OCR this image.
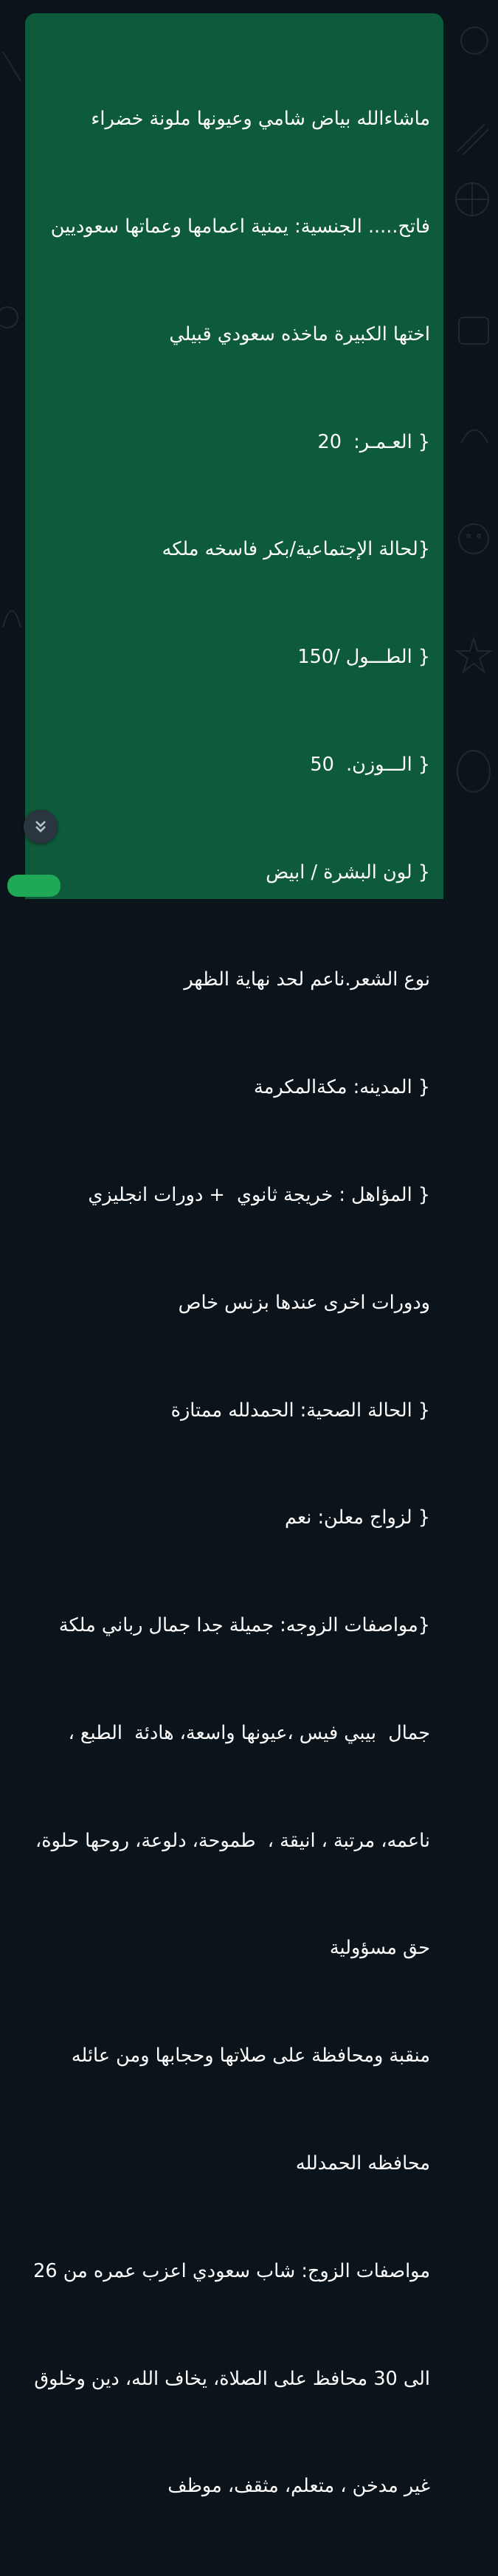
ماشاءالله بياض شامي وعيونها ملونة خضراء

فاتح..... الجنسية: يمنية اعمامها وعماتها سعوديين

اختها الكبيرة ماخذه سعودي قبيلي

{ العـمـر:  20

{لحالة الإجتماعية/بكر فاسخه ملكه

{ الطـــول /150

{ الـــوزن.  50

{ لون البشرة / ابيض

نوع الشعر.ناعم لحد نهاية الظهر

{ المدينه: مكةالمكرمة

{ المؤاهل : خريجة ثانوي  + دورات انجليزي

ودورات اخرى عندها بزنس خاص

{ الحالة الصحية: الحمدلله ممتازة

{ لزواج معلن: نعم

{مواصفات الزوجه: جميلة جدا جمال رباني ملكة

جمال  بيبي فيس ،عيونها واسعة، هادئة  الطبع ،

ناعمه، مرتبة ، انيقة ،  طموحة، دلوعة، روحها حلوة،

حق مسؤولية

منقبة ومحافظة على صلاتها وحجابها ومن عائله

محافظه الحمدلله

مواصفات الزوج: شاب سعودي اعزب عمره من 26

الى 30 محافظ على الصلاة، يخاف الله، دين وخلوق

غير مدخن ، متعلم، مثقف، موظف
